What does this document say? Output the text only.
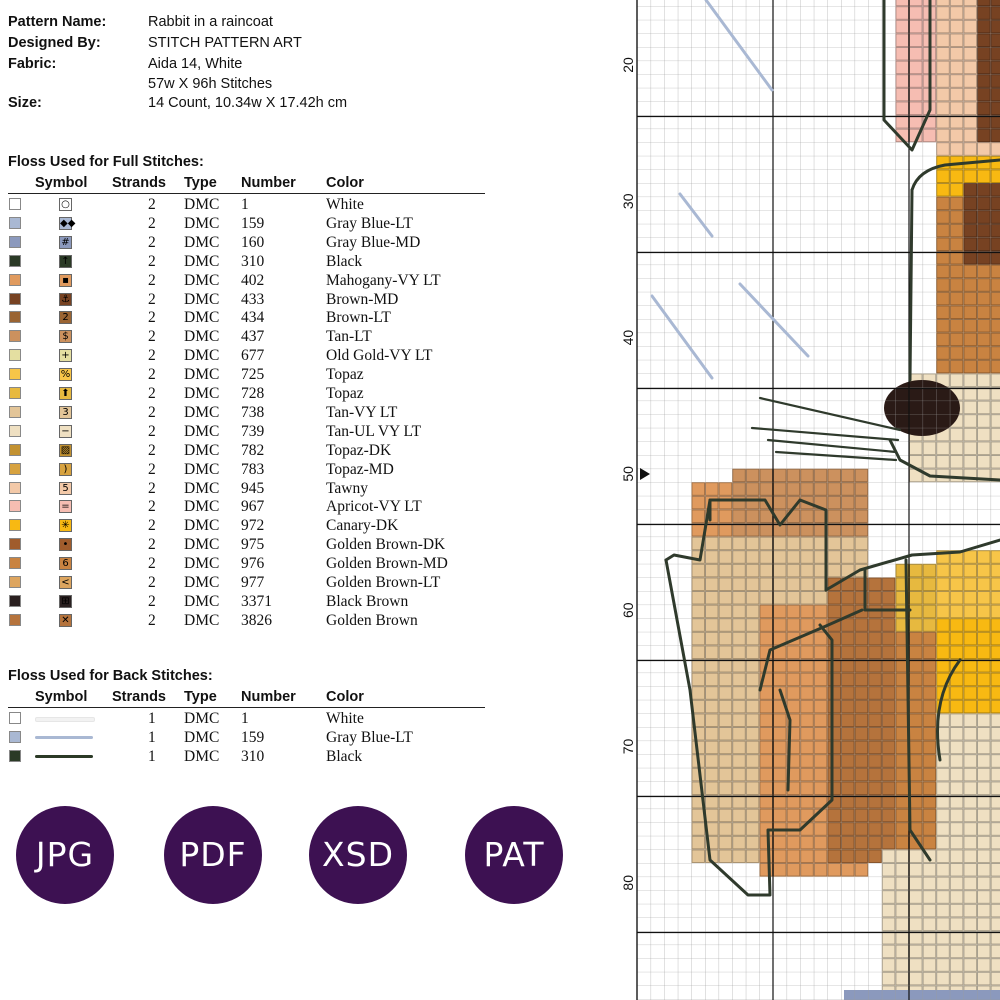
Pattern Name:	Rabbit in a raincoat
Designed By:	STITCH PATTERN ART
Fabric:	Aida 14, White
57w X 96h Stitches
Size:	14 Count, 10.34w X 17.42h cm
Floss Used for Full Stitches:
Symbol Strands Type Number Color
○	2 DMC 1	White
◆◆	2 DMC 159	Gray Blue-LT
#	2 DMC 160	Gray Blue-MD
↑	2 DMC 310	Black
▪	2 DMC 402	Mahogany-VY LT
⚓	2 DMC 433	Brown-MD
2	2 DMC 434	Brown-LT
$	2 DMC 437	Tan-LT
+	2 DMC 677	Old Gold-VY LT
%	2 DMC 725	Topaz
⬆	2 DMC 728	Topaz
3	2 DMC 738	Tan-VY LT
−	2 DMC 739	Tan-UL VY LT
▨	2 DMC 782	Topaz-DK
)	2 DMC 783	Topaz-MD
5	2 DMC 945	Tawny
=	2 DMC 967	Apricot-VY LT
✳	2 DMC 972	Canary-DK
•	2 DMC 975	Golden Brown-DK
6	2 DMC 976	Golden Brown-MD
<	2 DMC 977	Golden Brown-LT
⊞	2 DMC 3371	Black Brown
✕	2 DMC 3826	Golden Brown
Floss Used for Back Stitches:
Symbol Strands Type Number Color
1 DMC 1	White
1 DMC 159	Gray Blue-LT
1 DMC 310	Black
JPG	PDF	XSD	PAT
20
30
40
50
60
70
80
